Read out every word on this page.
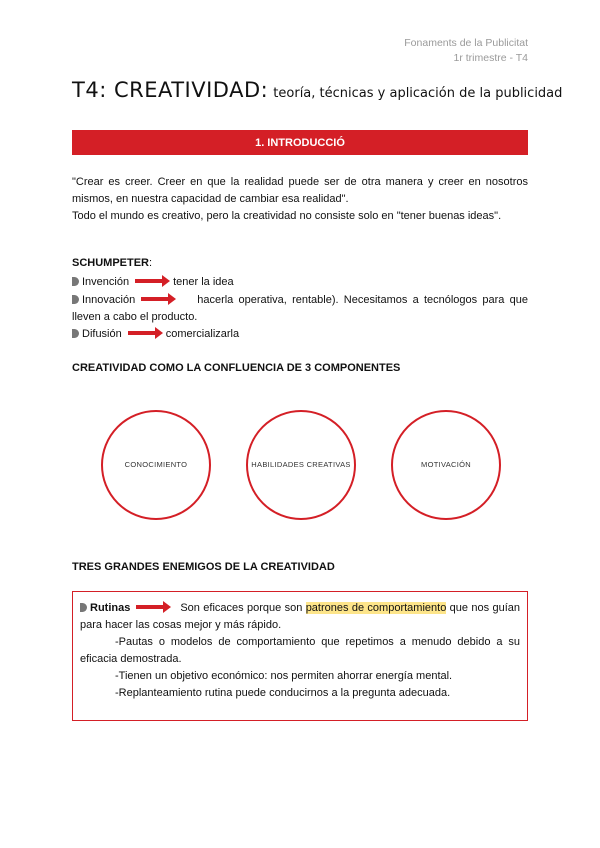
Fonaments de la Publicitat
1r trimestre - T4
T4: CREATIVIDAD: teoría, técnicas y aplicación de la publicidad
1. INTRODUCCIÓ
"Crear es creer. Creer en que la realidad puede ser de otra manera y creer en nosotros mismos, en nuestra capacidad de cambiar esa realidad".
Todo el mundo es creativo, pero la creatividad no consiste solo en "tener buenas ideas".
SCHUMPETER:
Invención	tener la idea
Innovación	hacerla operativa, rentable). Necesitamos a tecnólogos para que lleven a cabo el producto.
Difusión	comercializarla
CREATIVIDAD COMO LA CONFLUENCIA DE 3 COMPONENTES
CONOCIMIENTO	HABILIDADES CREATIVAS	MOTIVACIÓN
TRES GRANDES ENEMIGOS DE LA CREATIVIDAD
Rutinas	Son eficaces porque son patrones de comportamiento que nos guían para hacer las cosas mejor y más rápido.
-Pautas o modelos de comportamiento que repetimos a menudo debido a su eficacia demostrada.
-Tienen un objetivo económico: nos permiten ahorrar energía mental.
-Replanteamiento rutina puede conducirnos a la pregunta adecuada.
